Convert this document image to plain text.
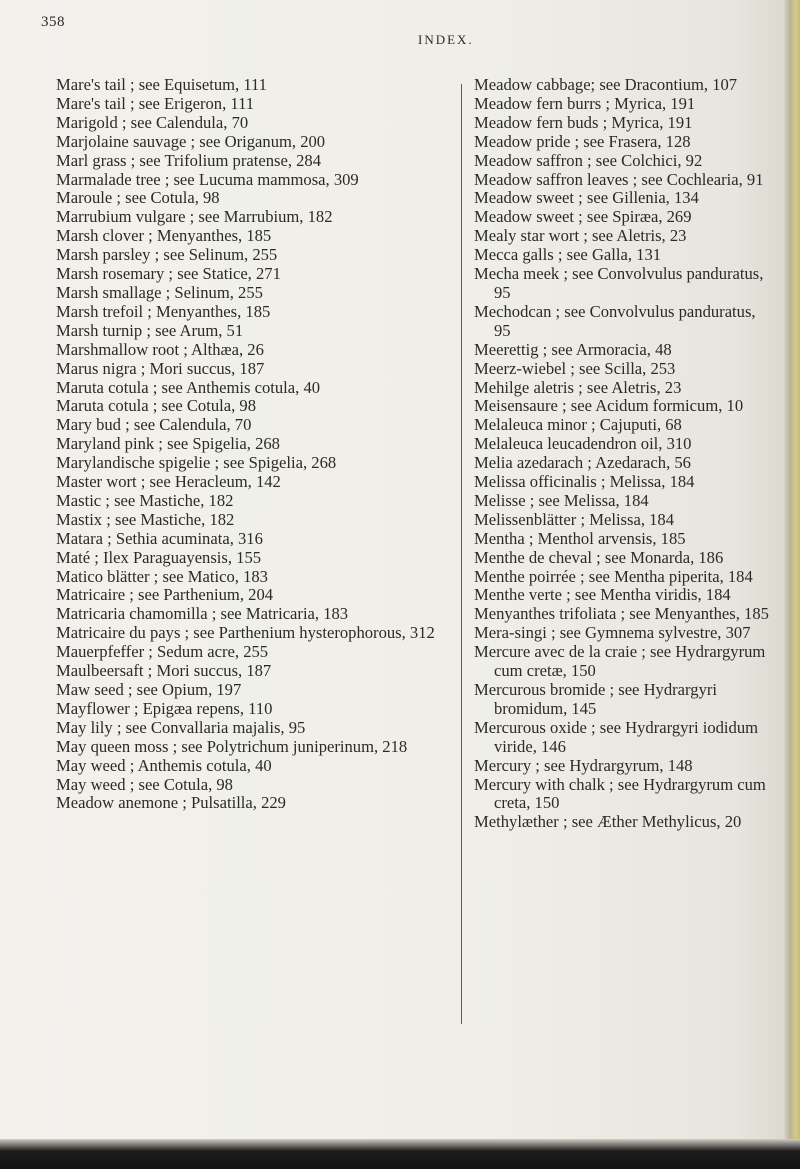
358
INDEX.

Mare's tail ; see Equisetum, 111

Mare's tail ; see Erigeron, 111

Marigold ; see Calendula, 70

Marjolaine sauvage ; see Origanum, 200

Marl grass ; see Trifolium pratense, 284

Marmalade tree ; see Lucuma mammosa, 309

Maroule ; see Cotula, 98

Marrubium vulgare ; see Marrubium, 182

Marsh clover ; Menyanthes, 185

Marsh parsley ; see Selinum, 255

Marsh rosemary ; see Statice, 271

Marsh smallage ; Selinum, 255

Marsh trefoil ; Menyanthes, 185

Marsh turnip ; see Arum, 51

Marshmallow root ; Althæa, 26

Marus nigra ; Mori succus, 187

Maruta cotula ; see Anthemis cotula, 40

Maruta cotula ; see Cotula, 98

Mary bud ; see Calendula, 70

Maryland pink ; see Spigelia, 268

Marylandische spigelie ; see Spigelia, 268

Master wort ; see Heracleum, 142

Mastic ; see Mastiche, 182

Mastix ; see Mastiche, 182

Matara ; Sethia acuminata, 316

Maté ; Ilex Paraguayensis, 155

Matico blätter ; see Matico, 183

Matricaire ; see Parthenium, 204

Matricaria chamomilla ; see Matricaria, 183

Matricaire du pays ; see Parthenium hysterophorous, 312

Mauerpfeffer ; Sedum acre, 255

Maulbeersaft ; Mori succus, 187

Maw seed ; see Opium, 197

Mayflower ; Epigæa repens, 110

May lily ; see Convallaria majalis, 95

May queen moss ; see Polytrichum juniperinum, 218

May weed ; Anthemis cotula, 40

May weed ; see Cotula, 98

Meadow anemone ; Pulsatilla, 229

Meadow cabbage; see Dracontium, 107

Meadow fern burrs ; Myrica, 191

Meadow fern buds ; Myrica, 191

Meadow pride ; see Frasera, 128

Meadow saffron ; see Colchici, 92

Meadow saffron leaves ; see Cochlearia, 91

Meadow sweet ; see Gillenia, 134

Meadow sweet ; see Spiræa, 269

Mealy star wort ; see Aletris, 23

Mecca galls ; see Galla, 131

Mecha meek ; see Convolvulus panduratus, 95

Mechodcan ; see Convolvulus panduratus, 95

Meerettig ; see Armoracia, 48

Meerz-wiebel ; see Scilla, 253

Mehilge aletris ; see Aletris, 23

Meisensaure ; see Acidum formicum, 10

Melaleuca minor ; Cajuputi, 68

Melaleuca leucadendron oil, 310

Melia azedarach ; Azedarach, 56

Melissa officinalis ; Melissa, 184

Melisse ; see Melissa, 184

Melissenblätter ; Melissa, 184

Mentha ; Menthol arvensis, 185

Menthe de cheval ; see Monarda, 186

Menthe poirrée ; see Mentha piperita, 184

Menthe verte ; see Mentha viridis, 184

Menyanthes trifoliata ; see Menyanthes, 185

Mera-singi ; see Gymnema sylvestre, 307

Mercure avec de la craie ; see Hydrargyrum cum cretæ, 150

Mercurous bromide ; see Hydrargyri bromidum, 145

Mercurous oxide ; see Hydrargyri iodidum viride, 146

Mercury ; see Hydrargyrum, 148

Mercury with chalk ; see Hydrargyrum cum creta, 150

Methylæther ; see Æther Methylicus, 20
